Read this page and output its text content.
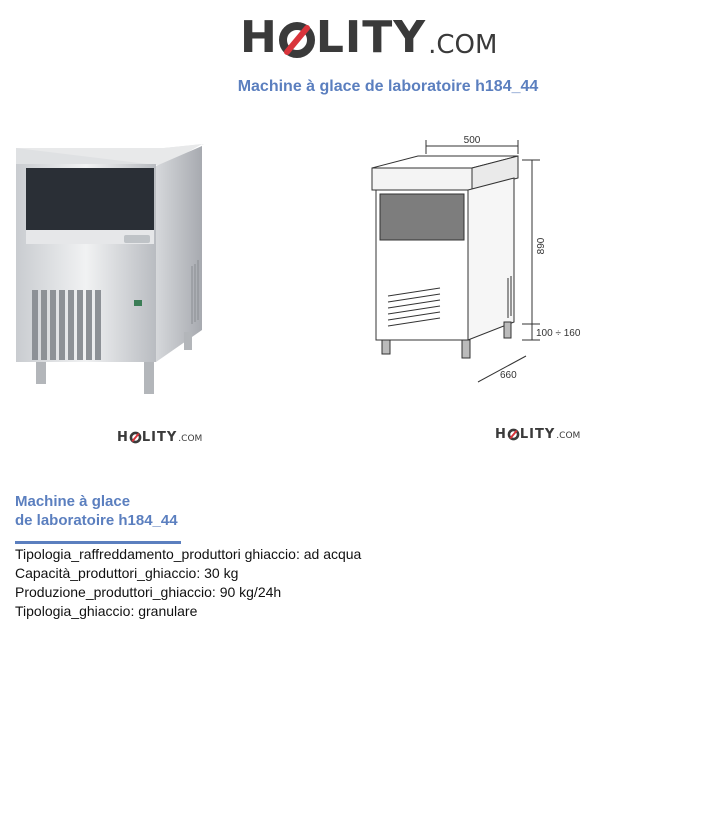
H LITY .COM
Machine à glace de laboratoire h184_44
500
890
100 ÷ 160
660
H LITY .COM	H LITY .COM
Machine à glace
de laboratoire h184_44
Tipologia_raffreddamento_produttori ghiaccio: ad acqua
Capacità_produttori_ghiaccio: 30 kg
Produzione_produttori_ghiaccio: 90 kg/24h
Tipologia_ghiaccio: granulare
